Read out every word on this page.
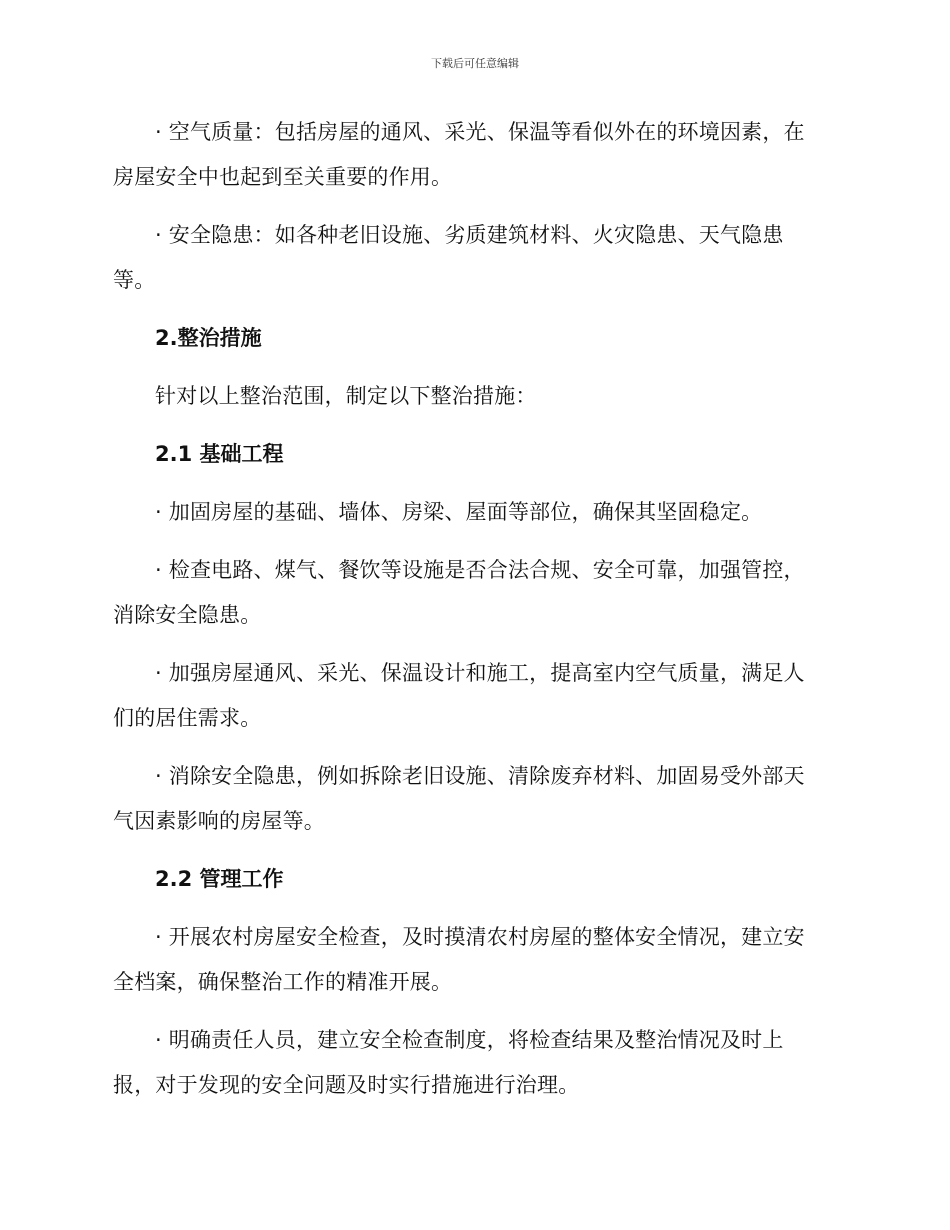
下载后可任意编辑

· 空气质量：包括房屋的通风、采光、保温等看似外在的环境因素，在房屋安全中也起到至关重要的作用。

· 安全隐患：如各种老旧设施、劣质建筑材料、火灾隐患、天气隐患等。

2.整治措施

针对以上整治范围，制定以下整治措施：

2.1 基础工程

· 加固房屋的基础、墙体、房梁、屋面等部位，确保其坚固稳定。

· 检查电路、煤气、餐饮等设施是否合法合规、安全可靠，加强管控，消除安全隐患。

· 加强房屋通风、采光、保温设计和施工，提高室内空气质量，满足人们的居住需求。

· 消除安全隐患，例如拆除老旧设施、清除废弃材料、加固易受外部天气因素影响的房屋等。

2.2 管理工作

· 开展农村房屋安全检查，及时摸清农村房屋的整体安全情况，建立安全档案，确保整治工作的精准开展。

· 明确责任人员，建立安全检查制度，将检查结果及整治情况及时上报，对于发现的安全问题及时实行措施进行治理。
